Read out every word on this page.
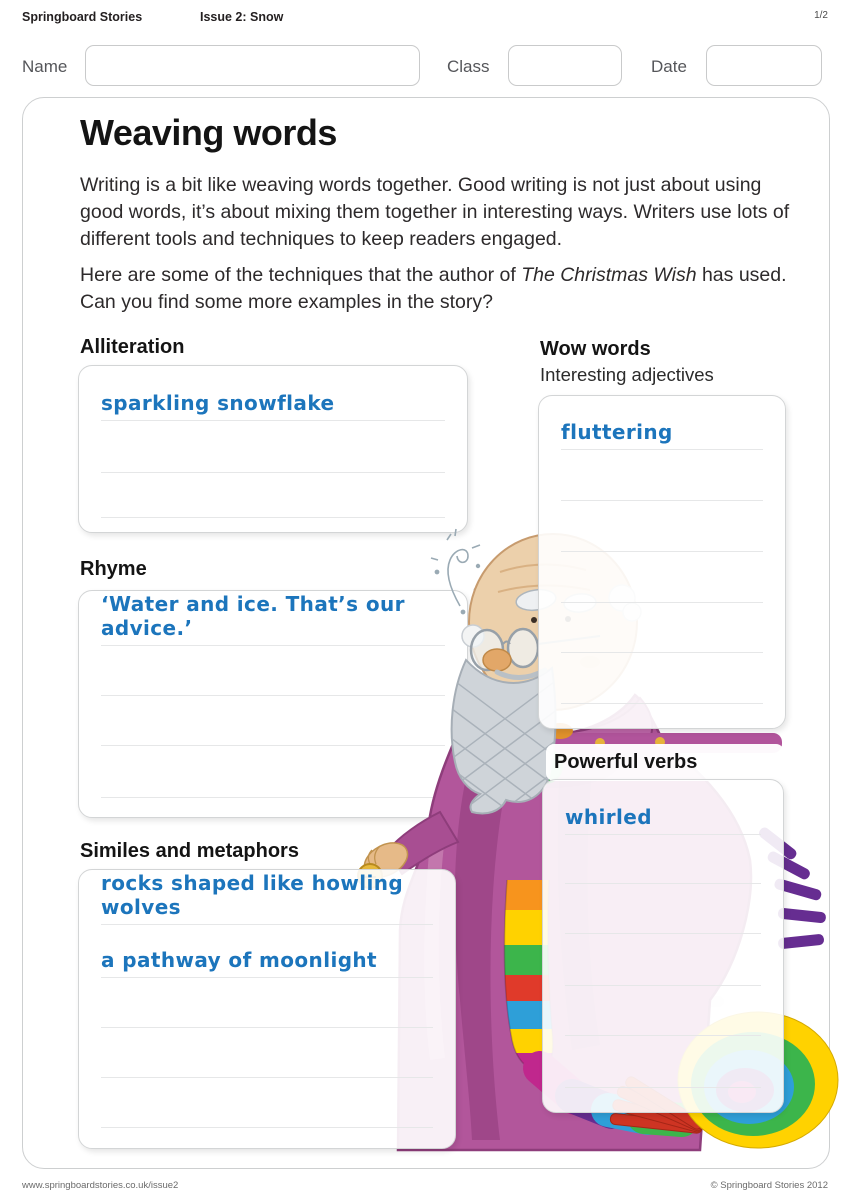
Springboard Stories	Issue 2: Snow	1/2
Name	Class	Date
Weaving words
Writing is a bit like weaving words together. Good writing is not just about using good words, it’s about mixing them together in interesting ways. Writers use lots of different tools and techniques to keep readers engaged.
Here are some of the techniques that the author of The Christmas Wish has used. Can you find some more examples in the story?
Alliteration
sparkling snowflake
Rhyme
‘Water and ice. That’s our advice.’
Similes and metaphors
rocks shaped like howling wolves
a pathway of moonlight
Wow words
Interesting adjectives
fluttering
Powerful verbs
whirled
www.springboardstories.co.uk/issue2	© Springboard Stories 2012
